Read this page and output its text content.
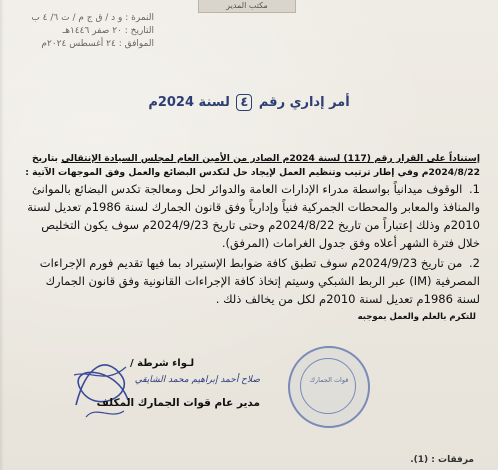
مكتب المدير
النمرة : و د / ق ج م / ت ٦/ ٤ ب
التاريخ : ٢٠ صفر ١٤٤٦هـ
الموافق : ٢٤ أغسطس ٢٠٢٤م
أمر إداري رقم ٤ لسنة 2024م
إستناداً على القرار رقم (117) لسنة 2024م الصادر من الأمين العام لمجلس السيادة الإنتقالي بتاريخ 2024/8/22م وفي إطار ترتيب وتنظيم العمل لإيجاد حل لتكدس البضائع والعمل وفق الموجهات الآتية :
1. الوقوف ميدانياً بواسطة مدراء الإدارات العامة والدوائر لحل ومعالجة تكدس البضائع بالموانئ والمنافذ والمعابر والمحطات الجمركية فنياً وإدارياً وفق قانون الجمارك لسنة 1986م تعديل لسنة 2010م وذلك إعتباراً من تاريخ 2024/8/22م وحتى تاريخ 2024/9/23م سوف يكون التخليص خلال فترة الشهر أعلاه وفق جدول الغرامات (المرفق).
2. من تاريخ 2024/9/23م سوف تطبق كافة ضوابط الإستيراد بما فيها تقديم فورم الإجراءات المصرفية (IM) عبر الربط الشبكي وسيتم إتخاذ كافة الإجراءات القانونية وفق قانون الجمارك لسنة 1986م تعديل لسنة 2010م لكل من يخالف ذلك .
للتكرم بالعلم والعمل بموجبه
قوات الجمارك
لـواء شرطة /
صلاح أحمد إبراهيم محمد الشايقي
مدير عام قوات الجمارك المكلف
مرفقات : (1).
